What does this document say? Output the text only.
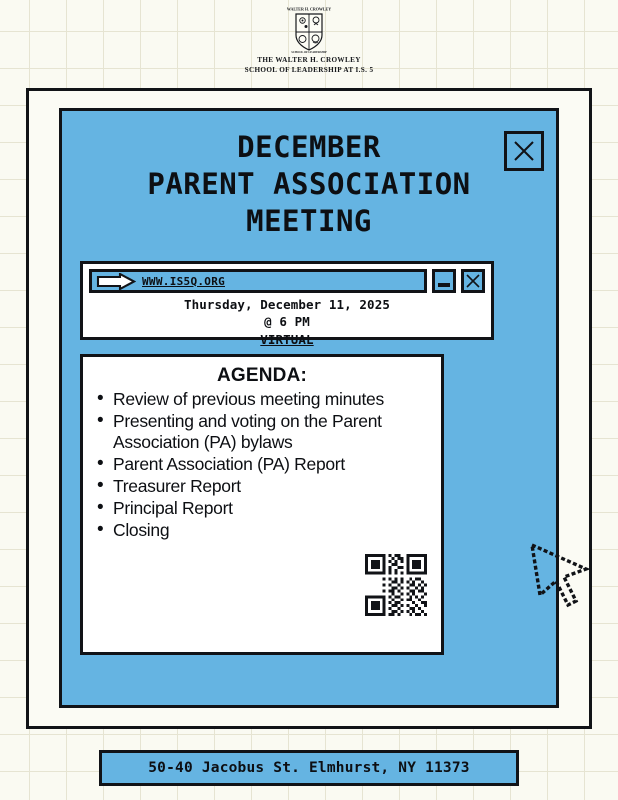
WALTER H. CROWLEY
SCHOOL OF LEADERSHIP
THE WALTER H. CROWLEY
SCHOOL OF LEADERSHIP AT I.S. 5
DECEMBER
PARENT ASSOCIATION
MEETING
WWW.IS5Q.ORG
Thursday, December 11, 2025
@ 6 PM
VIRTUAL
AGENDA:
• Review of previous meeting minutes
• Presenting and voting on the Parent Association (PA) bylaws
• Parent Association (PA) Report
• Treasurer Report
• Principal Report
• Closing
50-40 Jacobus St. Elmhurst, NY 11373
